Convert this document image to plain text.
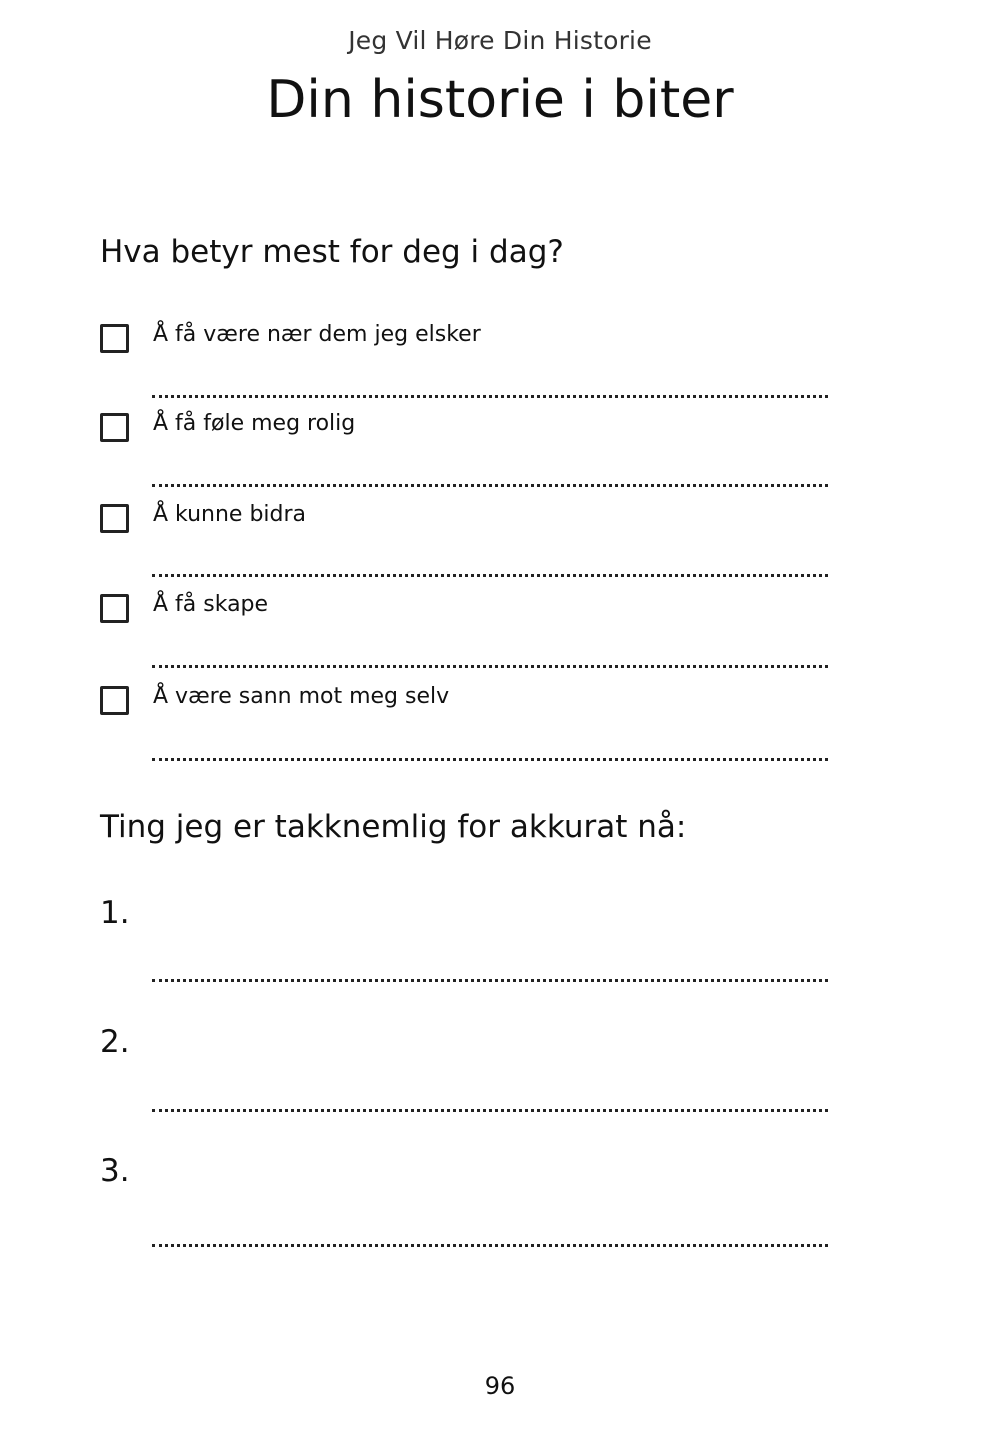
Jeg Vil Høre Din Historie
Din historie i biter
Hva betyr mest for deg i dag?
Å få være nær dem jeg elsker
Å få føle meg rolig
Å kunne bidra
Å få skape
Å være sann mot meg selv
Ting jeg er takknemlig for akkurat nå:
1.
2.
3.
96
